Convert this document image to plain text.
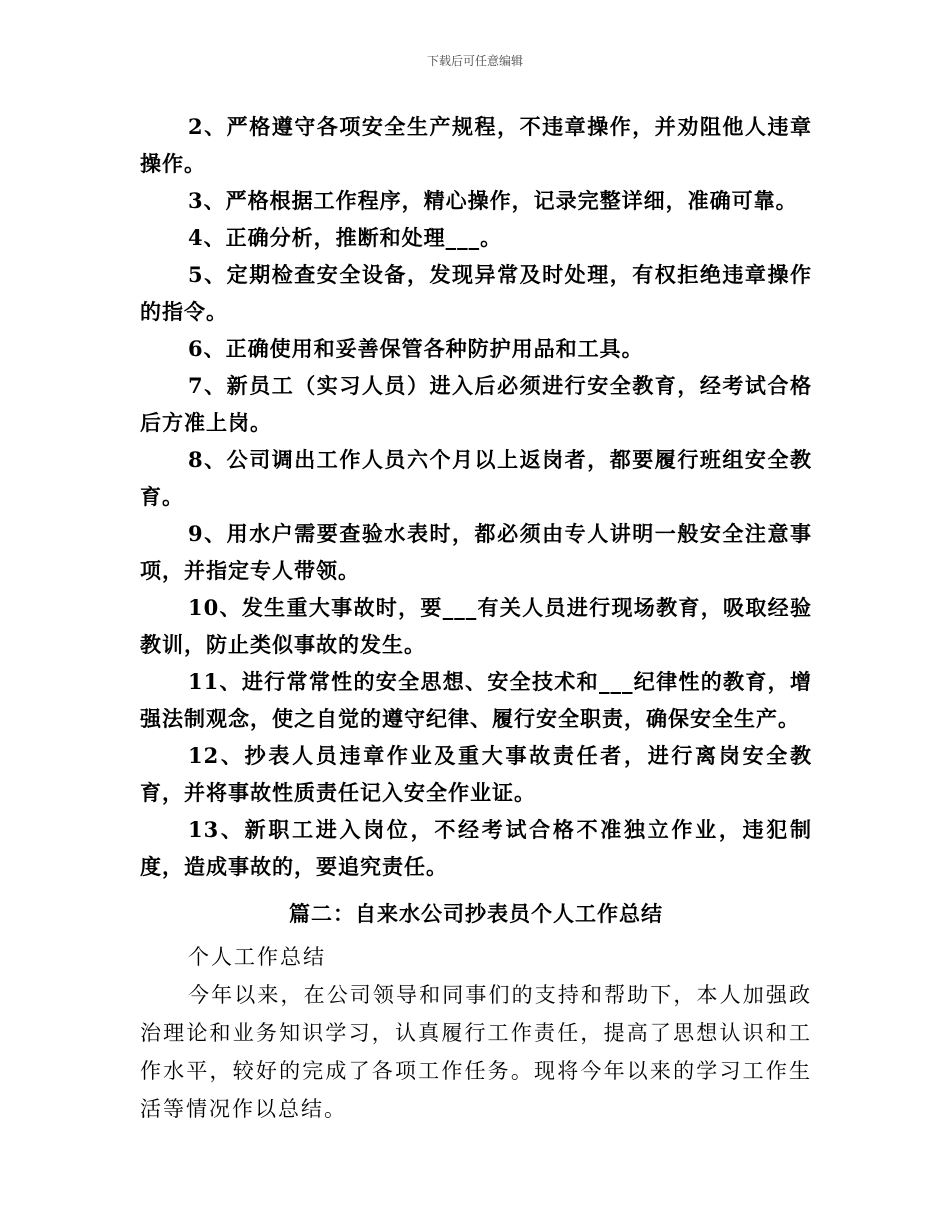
下载后可任意编辑

2、严格遵守各项安全生产规程，不违章操作，并劝阻他人违章操作。

3、严格根据工作程序，精心操作，记录完整详细，准确可靠。

4、正确分析，推断和处理___。

5、定期检查安全设备，发现异常及时处理，有权拒绝违章操作的指令。

6、正确使用和妥善保管各种防护用品和工具。

7、新员工（实习人员）进入后必须进行安全教育，经考试合格后方准上岗。

8、公司调出工作人员六个月以上返岗者，都要履行班组安全教育。

9、用水户需要查验水表时，都必须由专人讲明一般安全注意事项，并指定专人带领。

10、发生重大事故时，要___有关人员进行现场教育，吸取经验教训，防止类似事故的发生。

11、进行常常性的安全思想、安全技术和___纪律性的教育，增强法制观念，使之自觉的遵守纪律、履行安全职责，确保安全生产。

12、抄表人员违章作业及重大事故责任者，进行离岗安全教育，并将事故性质责任记入安全作业证。

13、新职工进入岗位，不经考试合格不准独立作业，违犯制度，造成事故的，要追究责任。

篇二：自来水公司抄表员个人工作总结

个人工作总结

今年以来，在公司领导和同事们的支持和帮助下，本人加强政治理论和业务知识学习，认真履行工作责任，提高了思想认识和工作水平，较好的完成了各项工作任务。现将今年以来的学习工作生活等情况作以总结。
